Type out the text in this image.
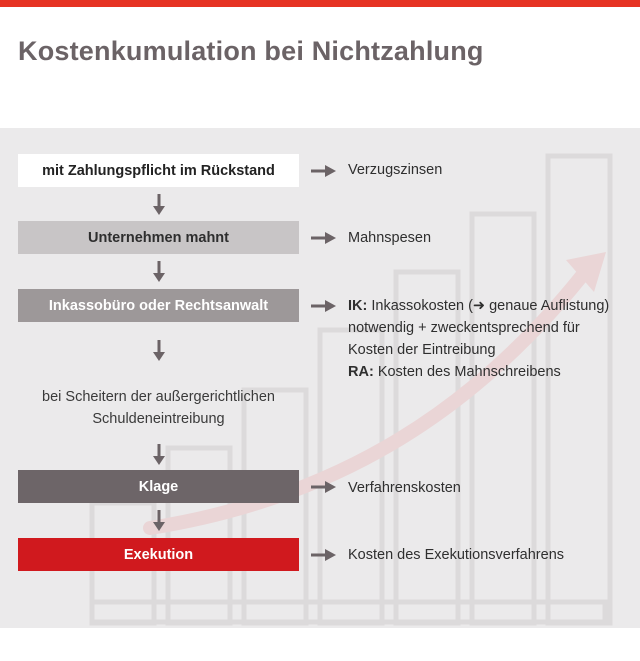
Kostenkumulation bei Nichtzahlung
mit Zahlungspflicht im Rückstand
Unternehmen mahnt
Inkassobüro oder Rechtsanwalt
bei Scheitern der außergerichtlichen
Schuldeneintreibung
Klage
Exekution
Verzugszinsen
Mahnspesen
IK: Inkassokosten (➜ genaue Auflistung)
notwendig + zweckentsprechend für
Kosten der Eintreibung
RA: Kosten des Mahnschreibens
Verfahrenskosten
Kosten des Exekutionsverfahrens
